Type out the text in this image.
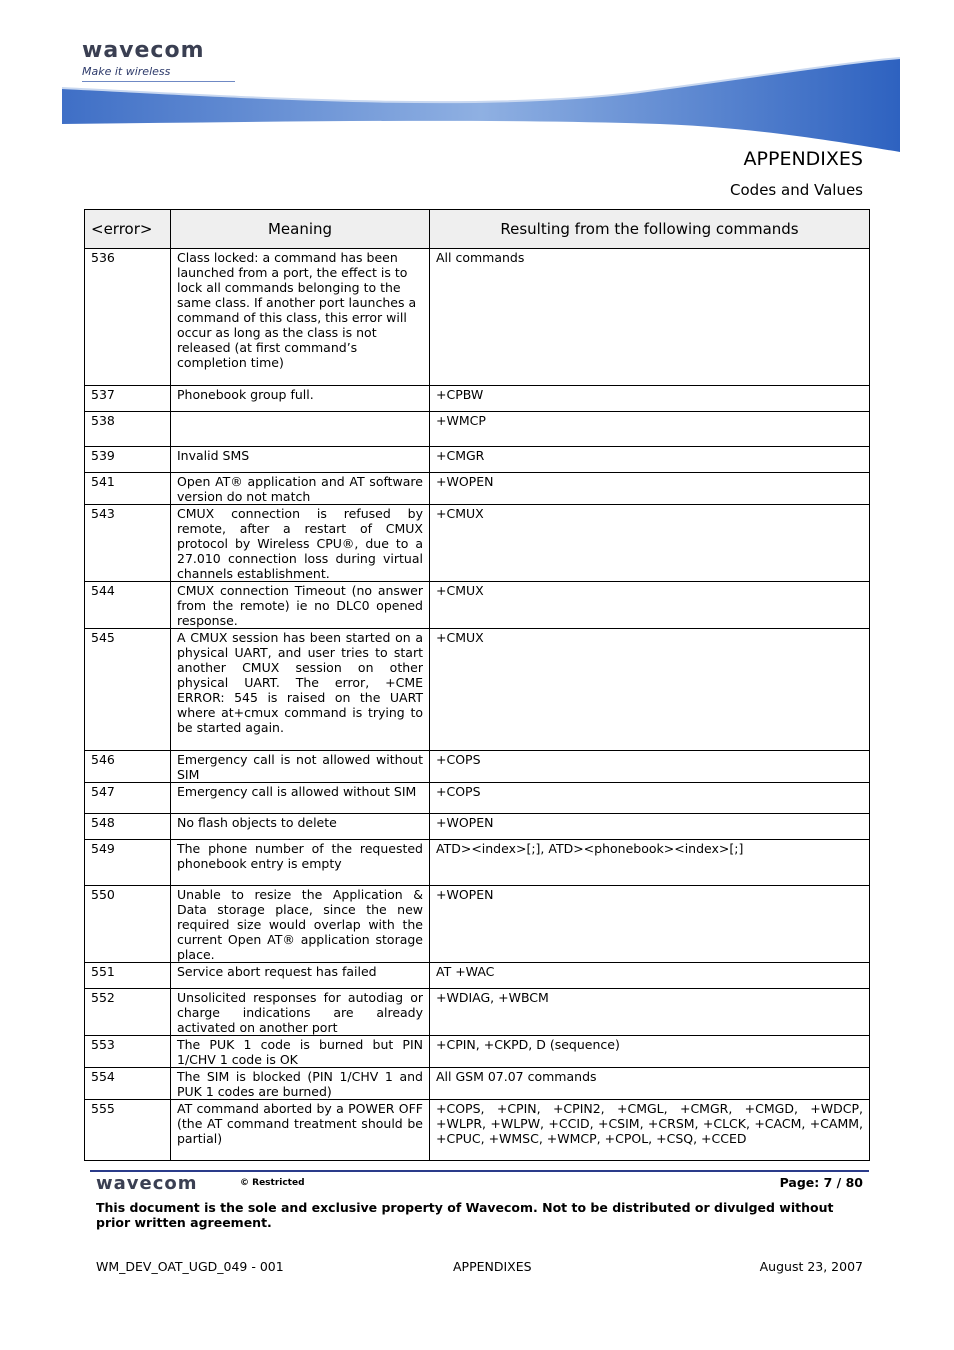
wavecom
Make it wireless
APPENDIXES
Codes and Values
<error>	Meaning	Resulting from the following commands
536	Class locked: a command has been launched from a port, the effect is to lock all commands belonging to the same class. If another port launches a command of this class, this error will occur as long as the class is not released (at first command’s completion time)	All commands
537	Phonebook group full.	+CPBW
538		+WMCP
539	Invalid SMS	+CMGR
541	Open AT® application and AT software version do not match	+WOPEN
543	CMUX connection is refused by remote, after a restart of CMUX protocol by Wireless CPU®, due to a 27.010 connection loss during virtual channels establishment.	+CMUX
544	CMUX connection Timeout (no answer from the remote) ie no DLC0 opened response.	+CMUX
545	A CMUX session has been started on a physical UART, and user tries to start another CMUX session on other physical UART. The error, +CME ERROR: 545 is raised on the UART where at+cmux command is trying to be started again.	+CMUX
546	Emergency call is not allowed without SIM	+COPS
547	Emergency call is allowed without SIM	+COPS
548	No flash objects to delete	+WOPEN
549	The phone number of the requested phonebook entry is empty	ATD><index>[;], ATD><phonebook><index>[;]
550	Unable to resize the Application & Data storage place, since the new required size would overlap with the current Open AT® application storage place.	+WOPEN
551	Service abort request has failed	AT +WAC
552	Unsolicited responses for autodiag or charge indications are already activated on another port	+WDIAG, +WBCM
553	The PUK 1 code is burned but PIN 1/CHV 1 code is OK	+CPIN, +CKPD, D (sequence)
554	The SIM is blocked (PIN 1/CHV 1 and PUK 1 codes are burned)	All GSM 07.07 commands
555	AT command aborted by a POWER OFF (the AT command treatment should be partial)	+COPS, +CPIN, +CPIN2, +CMGL, +CMGR, +CMGD, +WDCP, +WLPR, +WLPW, +CCID, +CSIM, +CRSM, +CLCK, +CACM, +CAMM, +CPUC, +WMSC, +WMCP, +CPOL, +CSQ, +CCED
wavecom	© Restricted	Page: 7 / 80
This document is the sole and exclusive property of Wavecom. Not to be distributed or divulged without prior written agreement.
WM_DEV_OAT_UGD_049 - 001	APPENDIXES	August 23, 2007
